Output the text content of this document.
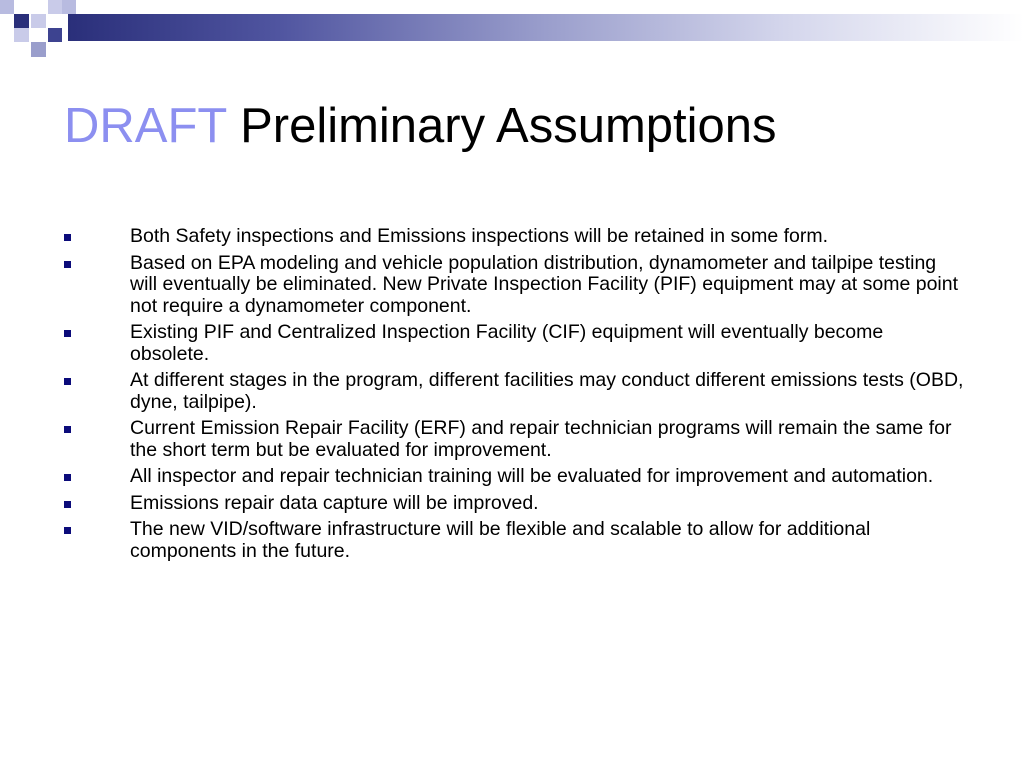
DRAFT Preliminary Assumptions
Both Safety inspections and Emissions inspections will be retained in some form.
Based on EPA modeling and vehicle population distribution, dynamometer and tailpipe testing will eventually be eliminated. New Private Inspection Facility (PIF) equipment may at some point not require a dynamometer component.
Existing PIF and Centralized Inspection Facility (CIF) equipment will eventually become obsolete.
At different stages in the program, different facilities may conduct different emissions tests (OBD, dyne, tailpipe).
Current Emission Repair Facility (ERF) and repair technician programs will remain the same for the short term but be evaluated for improvement.
All inspector and repair technician training will be evaluated for improvement and automation.
Emissions repair data capture will be improved.
The new VID/software infrastructure will be flexible and scalable to allow for additional components in the future.
